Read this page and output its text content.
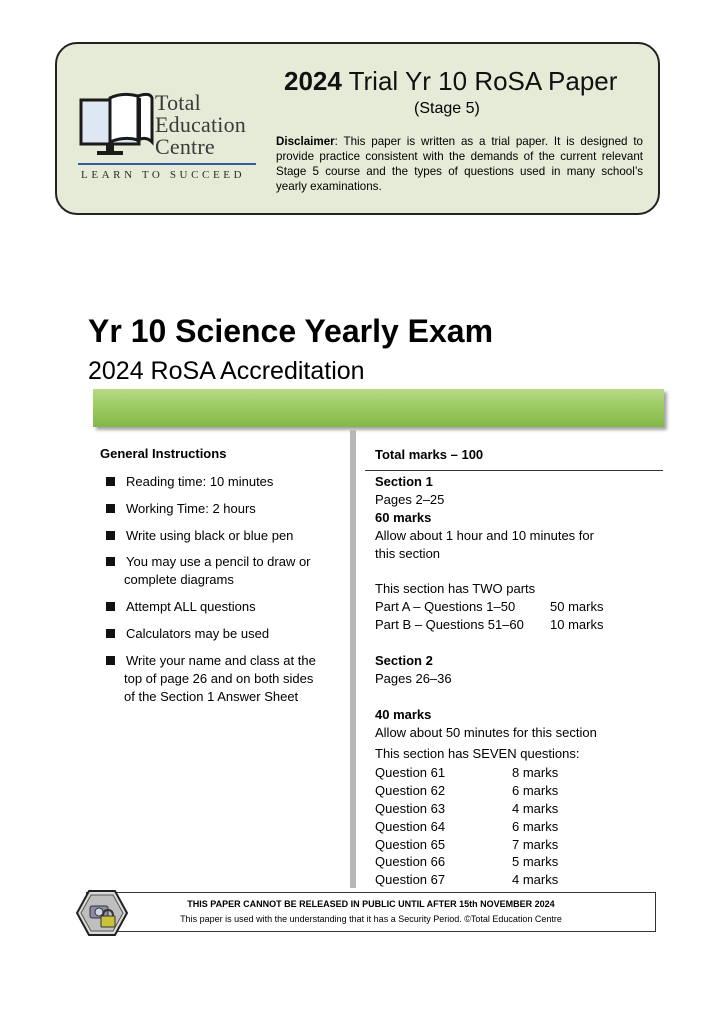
Total
Education
Centre
LEARN TO SUCCEED
2024 Trial Yr 10 RoSA Paper
(Stage 5)
Disclaimer: This paper is written as a trial paper. It is designed to provide practice consistent with the demands of the current relevant Stage 5 course and the types of questions used in many school’s yearly examinations.
Yr 10 Science Yearly Exam
2024 RoSA Accreditation
General Instructions
Reading time: 10 minutes
Working Time: 2 hours
Write using black or blue pen
You may use a pencil to draw or
complete diagrams
Attempt ALL questions
Calculators may be used
Write your name and class at the
top of page 26 and on both sides
of the Section 1 Answer Sheet
Total marks – 100
Section 1
Pages 2–25
60 marks
Allow about 1 hour and 10 minutes for
this section
This section has TWO parts
Part A – Questions 1–50	50 marks
Part B – Questions 51–60 10 marks
Section 2
Pages 26–36
40 marks
Allow about 50 minutes for this section
This section has SEVEN questions:
Question 61	8 marks
Question 62	6 marks
Question 63	4 marks
Question 64	6 marks
Question 65	7 marks
Question 66	5 marks
Question 67	4 marks
THIS PAPER CANNOT BE RELEASED IN PUBLIC UNTIL AFTER 15th NOVEMBER 2024
This paper is used with the understanding that it has a Security Period. ©Total Education Centre
